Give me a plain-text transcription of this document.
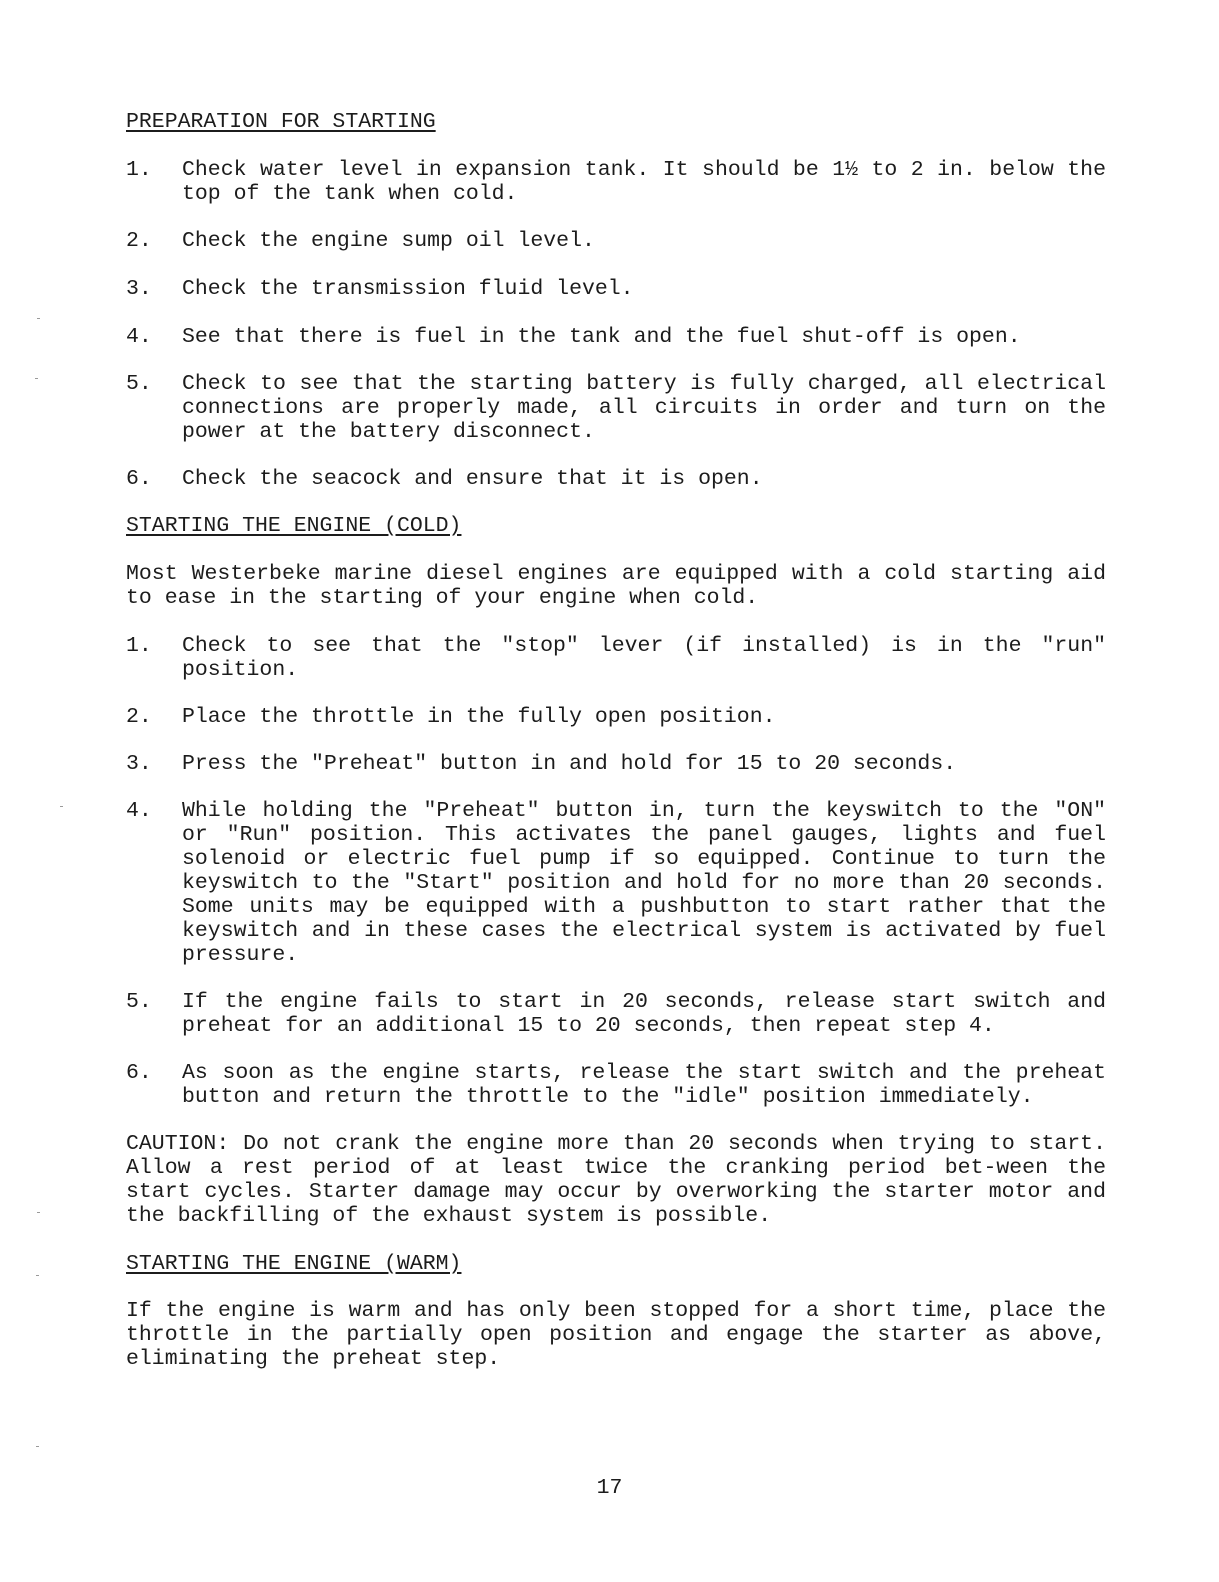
PREPARATION FOR STARTING

1.	Check water level in expansion tank. It should be 1½ to 2 in. below the top of the tank when cold.
2.	Check the engine sump oil level.
3.	Check the transmission fluid level.
4.	See that there is fuel in the tank and the fuel shut-off is open.
5.	Check to see that the starting battery is fully charged, all electrical connections are properly made, all circuits in order and turn on the power at the battery disconnect.
6.	Check the seacock and ensure that it is open.

STARTING THE ENGINE (COLD)

Most Westerbeke marine diesel engines are equipped with a cold starting aid to ease in the starting of your engine when cold.

1.	Check to see that the "stop" lever (if installed) is in the "run" position.
2.	Place the throttle in the fully open position.
3.	Press the "Preheat" button in and hold for 15 to 20 seconds.
4.	While holding the "Preheat" button in, turn the keyswitch to the "ON" or "Run" position. This activates the panel gauges, lights and fuel solenoid or electric fuel pump if so equipped. Continue to turn the keyswitch to the "Start" position and hold for no more than 20 seconds. Some units may be equipped with a pushbutton to start rather that the keyswitch and in these cases the electrical system is activated by fuel pressure.
5.	If the engine fails to start in 20 seconds, release start switch and preheat for an additional 15 to 20 seconds, then repeat step 4.
6.	As soon as the engine starts, release the start switch and the preheat button and return the throttle to the "idle" position immediately.

CAUTION: Do not crank the engine more than 20 seconds when trying to start. Allow a rest period of at least twice the cranking period bet-ween the start cycles. Starter damage may occur by overworking the starter motor and the backfilling of the exhaust system is possible.

STARTING THE ENGINE (WARM)

If the engine is warm and has only been stopped for a short time, place the throttle in the partially open position and engage the starter as above, eliminating the preheat step.

17
